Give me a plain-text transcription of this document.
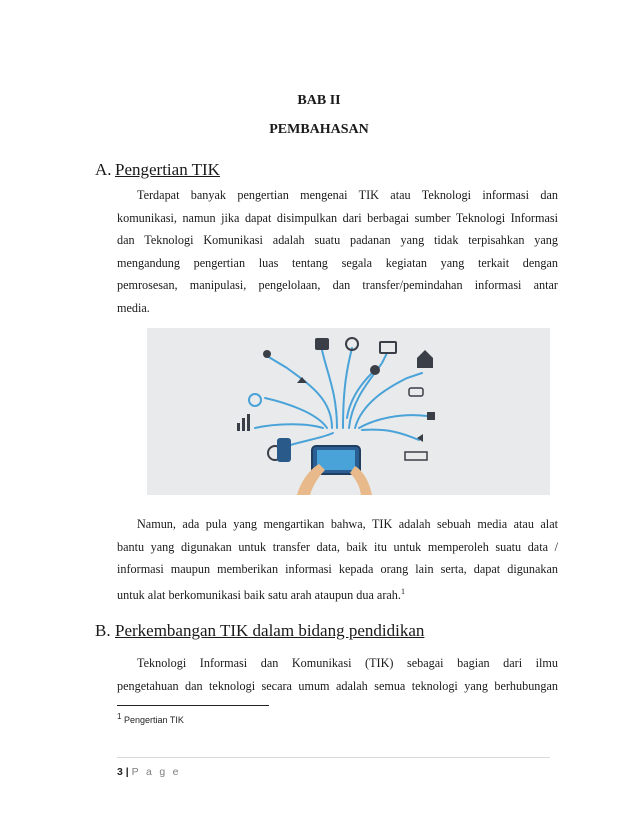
BAB II
PEMBAHASAN
A. Pengertian TIK
Terdapat banyak pengertian mengenai TIK atau Teknologi informasi dan
komunikasi, namun jika dapat disimpulkan dari berbagai sumber Teknologi Informasi
dan Teknologi Komunikasi adalah suatu padanan yang tidak terpisahkan yang
mengandung pengertian luas tentang segala kegiatan yang terkait dengan
pemrosesan, manipulasi, pengelolaan, dan transfer/pemindahan informasi antar
media.
Namun, ada pula yang mengartikan bahwa, TIK adalah sebuah media atau alat
bantu yang digunakan untuk transfer data, baik itu untuk memperoleh suatu data /
informasi maupun memberikan informasi kepada orang lain serta, dapat digunakan
untuk alat berkomunikasi baik satu arah ataupun dua arah.$^1$
B. Perkembangan TIK dalam bidang pendidikan
Teknologi Informasi dan Komunikasi (TIK) sebagai bagian dari ilmu
pengetahuan dan teknologi secara umum adalah semua teknologi yang berhubungan
$^1$ Pengertian TIK
3 | P a g e
